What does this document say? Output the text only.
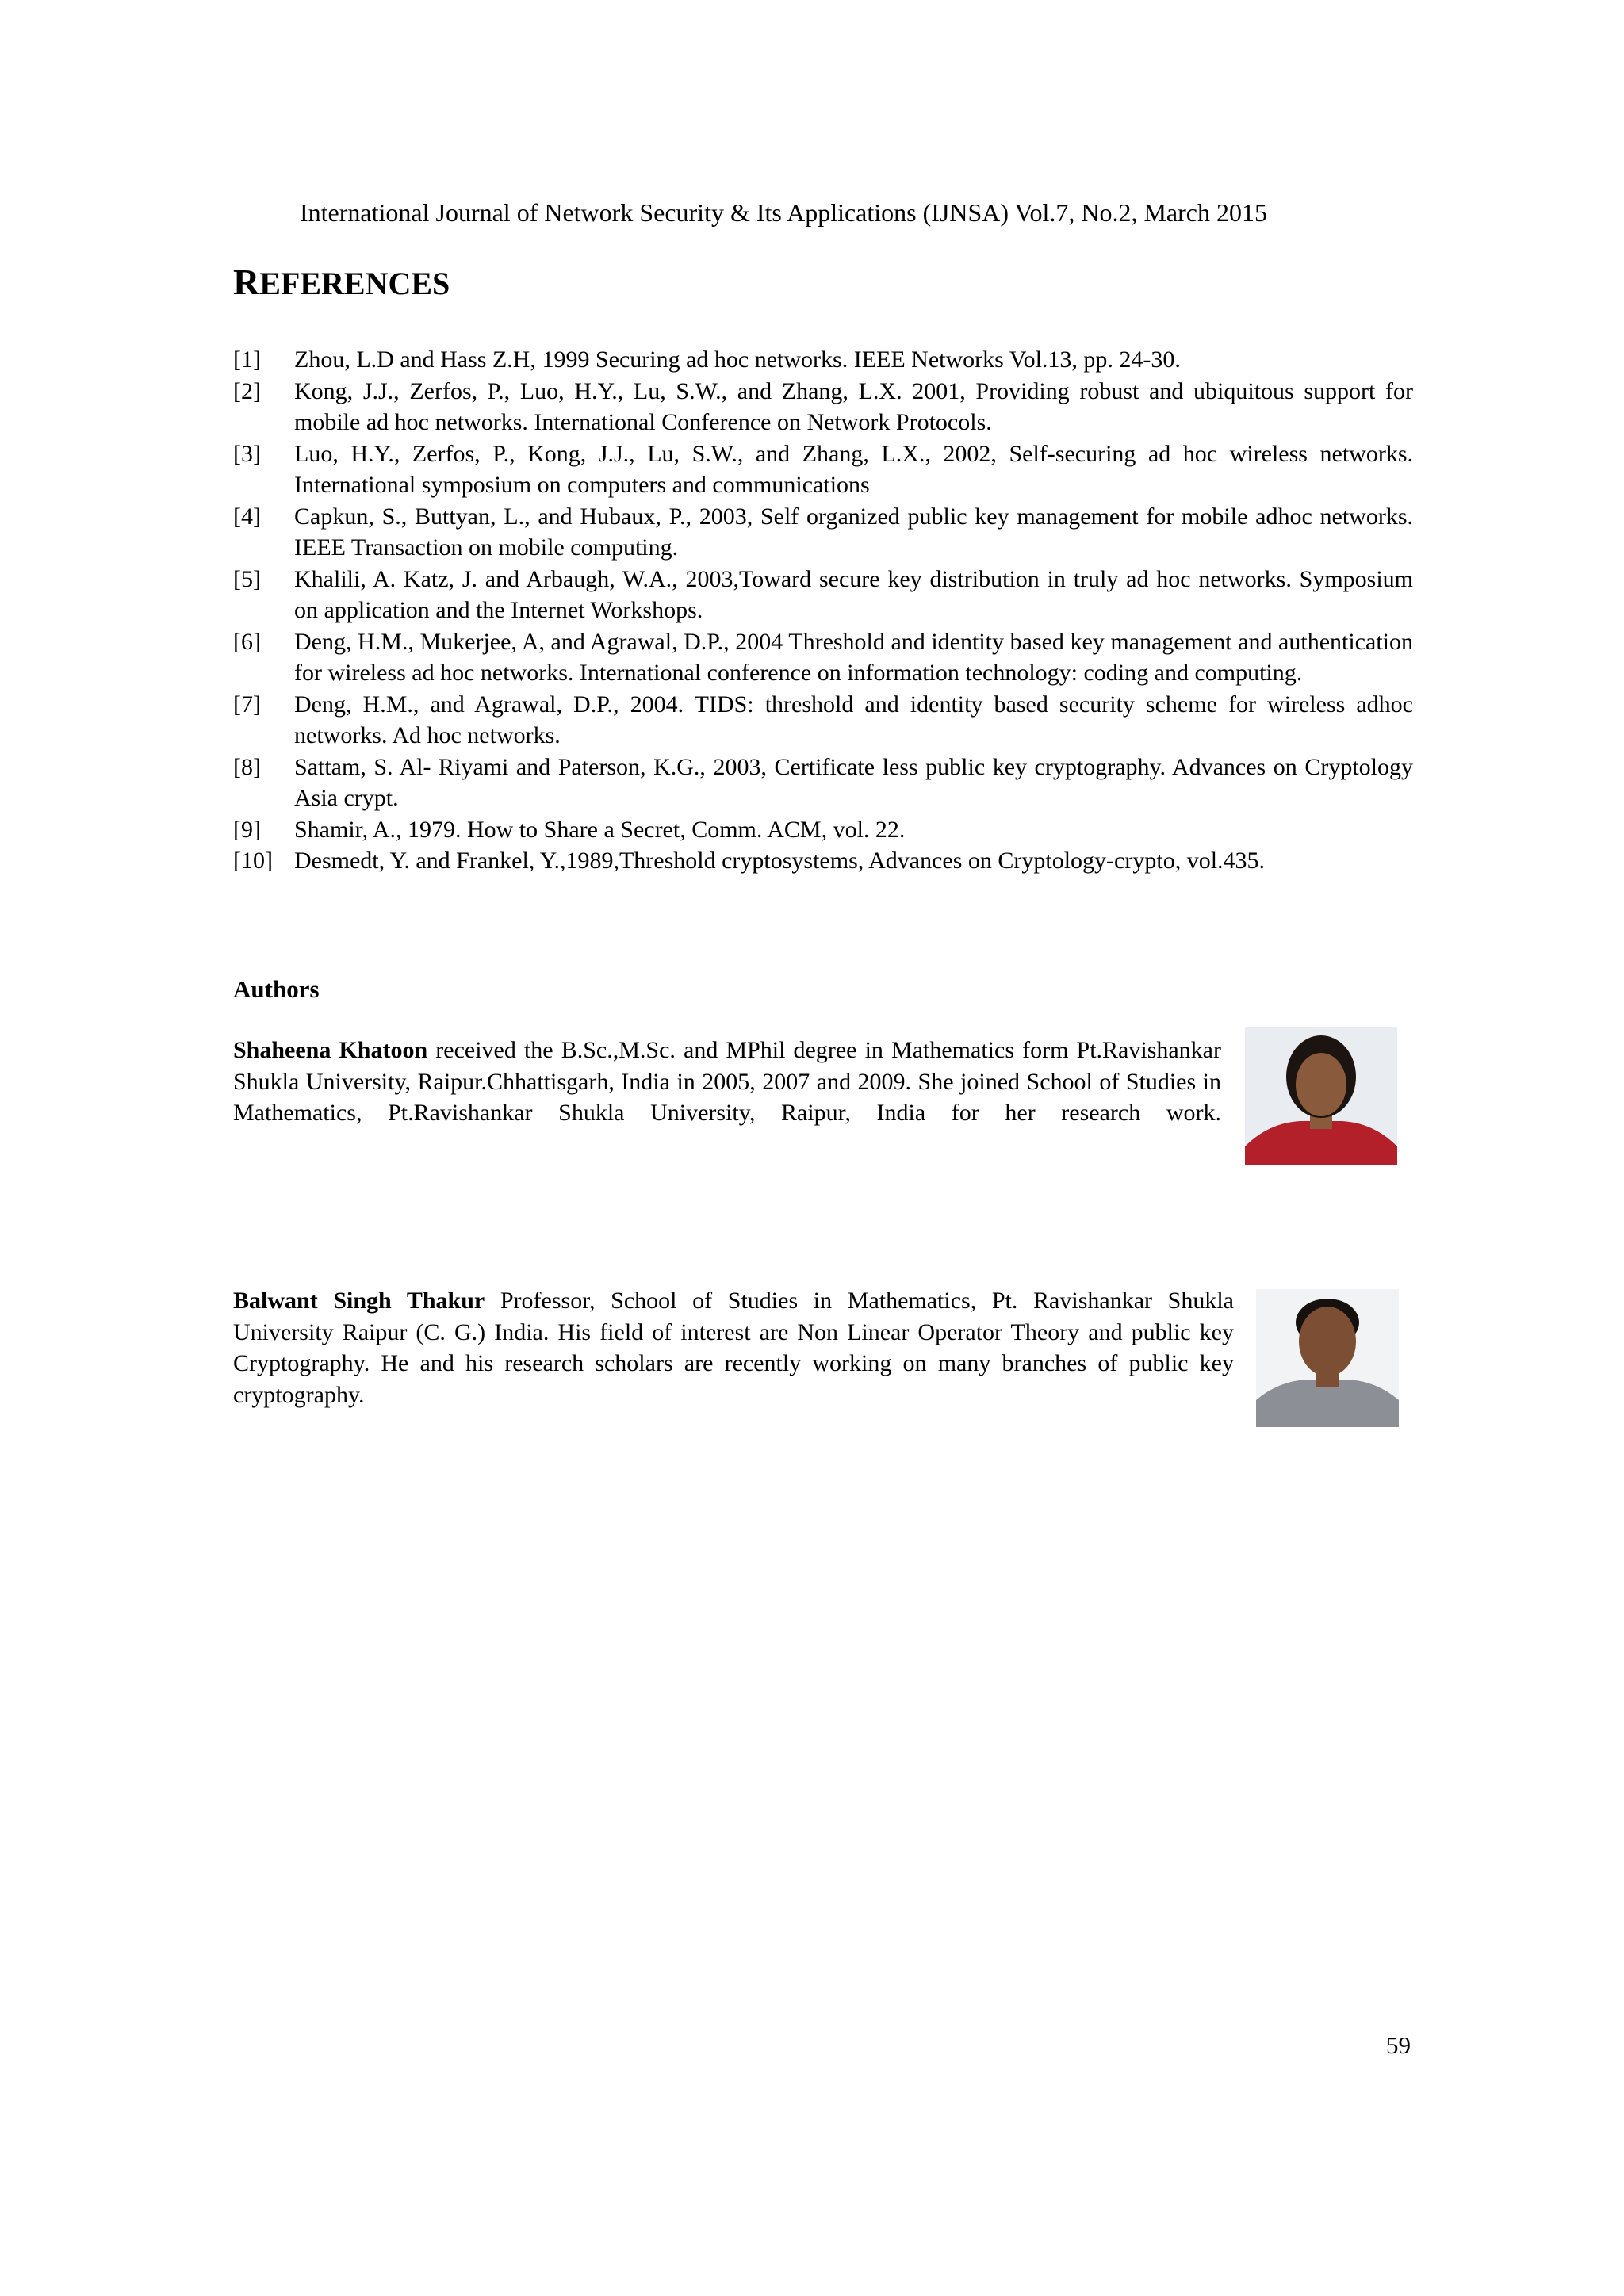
International Journal of Network Security & Its Applications (IJNSA) Vol.7, No.2, March 2015
REFERENCES
[1]	Zhou, L.D and Hass Z.H, 1999 Securing ad hoc networks. IEEE Networks Vol.13, pp. 24-30.
[2]	Kong, J.J., Zerfos, P., Luo, H.Y., Lu, S.W., and Zhang, L.X. 2001, Providing robust and ubiquitous support for mobile ad hoc networks. International Conference on Network Protocols.
[3]	Luo, H.Y., Zerfos, P., Kong, J.J., Lu, S.W., and Zhang, L.X., 2002, Self-securing ad hoc wireless networks. International symposium on computers and communications
[4]	Capkun, S., Buttyan, L., and Hubaux, P., 2003, Self organized public key management for mobile adhoc networks. IEEE Transaction on mobile computing.
[5]	Khalili, A. Katz, J. and Arbaugh, W.A., 2003,Toward secure key distribution in truly ad hoc networks. Symposium on application and the Internet Workshops.
[6]	Deng, H.M., Mukerjee, A, and Agrawal, D.P., 2004 Threshold and identity based key management and authentication for wireless ad hoc networks. International conference on information technology: coding and computing.
[7]	Deng, H.M., and Agrawal, D.P., 2004. TIDS: threshold and identity based security scheme for wireless adhoc networks. Ad hoc networks.
[8]	Sattam, S. Al- Riyami and Paterson, K.G., 2003, Certificate less public key cryptography. Advances on Cryptology Asia crypt.
[9]	Shamir, A., 1979. How to Share a Secret, Comm. ACM, vol. 22.
[10] Desmedt, Y. and Frankel, Y.,1989,Threshold cryptosystems, Advances on Cryptology-crypto, vol.435.
Authors
Shaheena Khatoon received the B.Sc.,M.Sc. and MPhil degree in Mathematics form Pt.Ravishankar Shukla University, Raipur.Chhattisgarh, India in 2005, 2007 and 2009. She joined School of Studies in Mathematics, Pt.Ravishankar Shukla University, Raipur, India for her research work.
Balwant Singh Thakur Professor, School of Studies in Mathematics, Pt. Ravishankar Shukla University Raipur (C. G.) India. His field of interest are Non Linear Operator Theory and public key Cryptography. He and his research scholars are recently working on many branches of public key cryptography.
59
